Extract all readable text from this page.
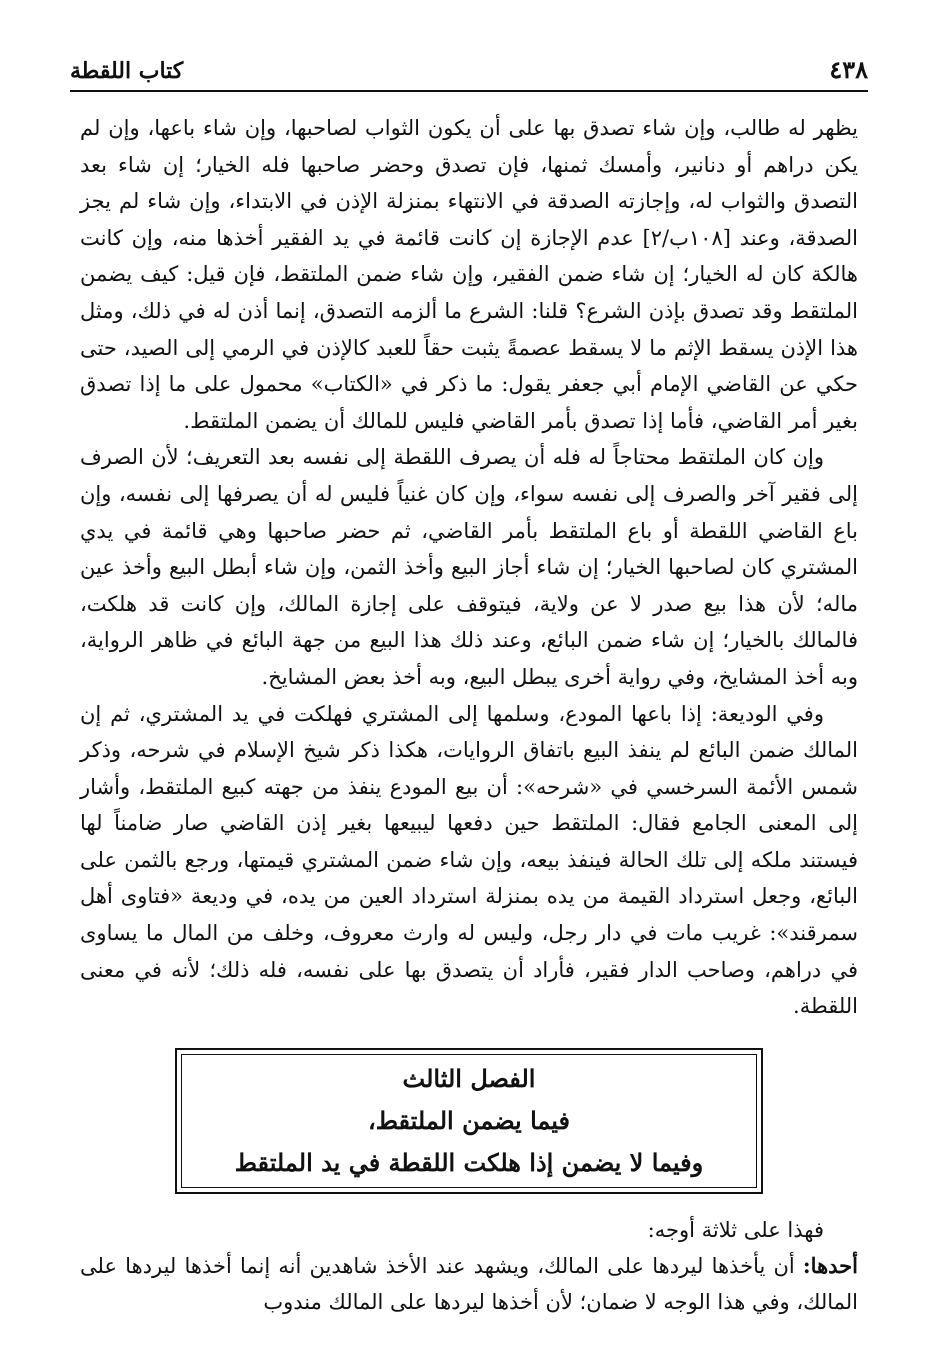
٤٣٨
كتاب اللقطة

يظهر له طالب، وإن شاء تصدق بها على أن يكون الثواب لصاحبها، وإن شاء باعها، وإن لم يكن دراهم أو دنانير، وأمسك ثمنها، فإن تصدق وحضر صاحبها فله الخيار؛ إن شاء بعد التصدق والثواب له، وإجازته الصدقة في الانتهاء بمنزلة الإذن في الابتداء، وإن شاء لم يجز الصدقة، وعند [١٠٨ب/٢] عدم الإجازة إن كانت قائمة في يد الفقير أخذها منه، وإن كانت هالكة كان له الخيار؛ إن شاء ضمن الفقير، وإن شاء ضمن الملتقط، فإن قيل: كيف يضمن الملتقط وقد تصدق بإذن الشرع؟ قلنا: الشرع ما ألزمه التصدق، إنما أذن له في ذلك، ومثل هذا الإذن يسقط الإثم ما لا يسقط عصمةً يثبت حقاً للعبد كالإذن في الرمي إلى الصيد، حتى حكي عن القاضي الإمام أبي جعفر يقول: ما ذكر في «الكتاب» محمول على ما إذا تصدق بغير أمر القاضي، فأما إذا تصدق بأمر القاضي فليس للمالك أن يضمن الملتقط.

وإن كان الملتقط محتاجاً له فله أن يصرف اللقطة إلى نفسه بعد التعريف؛ لأن الصرف إلى فقير آخر والصرف إلى نفسه سواء، وإن كان غنياً فليس له أن يصرفها إلى نفسه، وإن باع القاضي اللقطة أو باع الملتقط بأمر القاضي، ثم حضر صاحبها وهي قائمة في يدي المشتري كان لصاحبها الخيار؛ إن شاء أجاز البيع وأخذ الثمن، وإن شاء أبطل البيع وأخذ عين ماله؛ لأن هذا بيع صدر لا عن ولاية، فيتوقف على إجازة المالك، وإن كانت قد هلكت، فالمالك بالخيار؛ إن شاء ضمن البائع، وعند ذلك هذا البيع من جهة البائع في ظاهر الرواية، وبه أخذ المشايخ، وفي رواية أخرى يبطل البيع، وبه أخذ بعض المشايخ.

وفي الوديعة: إذا باعها المودع، وسلمها إلى المشتري فهلكت في يد المشتري، ثم إن المالك ضمن البائع لم ينفذ البيع باتفاق الروايات، هكذا ذكر شيخ الإسلام في شرحه، وذكر شمس الأئمة السرخسي في «شرحه»: أن بيع المودع ينفذ من جهته كبيع الملتقط، وأشار إلى المعنى الجامع فقال: الملتقط حين دفعها ليبيعها بغير إذن القاضي صار ضامناً لها فيستند ملكه إلى تلك الحالة فينفذ بيعه، وإن شاء ضمن المشتري قيمتها، ورجع بالثمن على البائع، وجعل استرداد القيمة من يده بمنزلة استرداد العين من يده، في وديعة «فتاوى أهل سمرقند»: غريب مات في دار رجل، وليس له وارث معروف، وخلف من المال ما يساوى في دراهم، وصاحب الدار فقير، فأراد أن يتصدق بها على نفسه، فله ذلك؛ لأنه في معنى اللقطة.

الفصل الثالث
فيما يضمن الملتقط،
وفيما لا يضمن إذا هلكت اللقطة في يد الملتقط

فهذا على ثلاثة أوجه:

أحدها: أن يأخذها ليردها على المالك، ويشهد عند الأخذ شاهدين أنه إنما أخذها ليردها على المالك، وفي هذا الوجه لا ضمان؛ لأن أخذها ليردها على المالك مندوب
